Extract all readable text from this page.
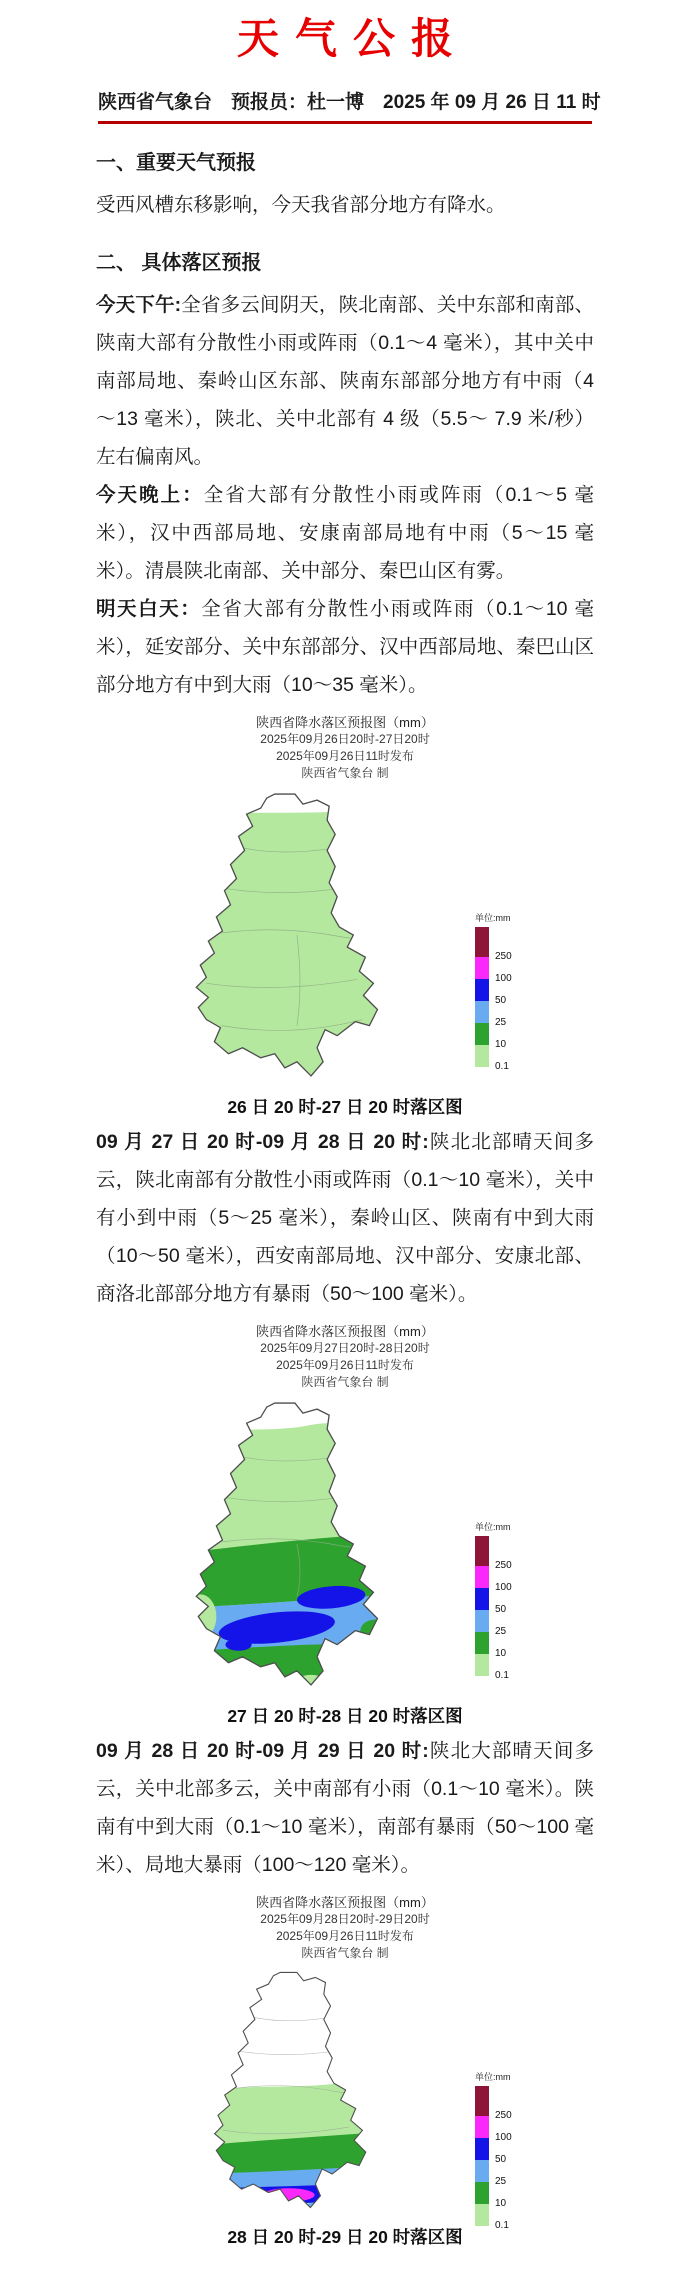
天气公报
陕西省气象台　预报员：杜一博　2025 年 09 月 26 日 11 时
一、重要天气预报

受西风槽东移影响，今天我省部分地方有降水。

二、 具体落区预报

今天下午:全省多云间阴天，陕北南部、关中东部和南部、陕南大部有分散性小雨或阵雨（0.1～4 毫米），其中关中南部局地、秦岭山区东部、陕南东部部分地方有中雨（4～13 毫米），陕北、关中北部有 4 级（5.5～ 7.9 米/秒）左右偏南风。

今天晚上：全省大部有分散性小雨或阵雨（0.1～5 毫米），汉中西部局地、安康南部局地有中雨（5～15 毫米）。清晨陕北南部、关中部分、秦巴山区有雾。

明天白天：全省大部有分散性小雨或阵雨（0.1～10 毫米），延安部分、关中东部部分、汉中西部局地、秦巴山区部分地方有中到大雨（10～35 毫米）。

陕西省降水落区预报图（mm）
2025年09月26日20时-27日20时
2025年09月26日11时发布
陕西省气象台 制
单位:mm
250
100
50
25
10
0.1
26 日 20 时-27 日 20 时落区图

09 月 27 日 20 时-09 月 28 日 20 时:陕北北部晴天间多云，陕北南部有分散性小雨或阵雨（0.1～10 毫米），关中有小到中雨（5～25 毫米），秦岭山区、陕南有中到大雨（10～50 毫米），西安南部局地、汉中部分、安康北部、商洛北部部分地方有暴雨（50～100 毫米）。

陕西省降水落区预报图（mm）
2025年09月27日20时-28日20时
2025年09月26日11时发布
陕西省气象台 制
单位:mm
250
100
50
25
10
0.1
27 日 20 时-28 日 20 时落区图

09 月 28 日 20 时-09 月 29 日 20 时:陕北大部晴天间多云，关中北部多云，关中南部有小雨（0.1～10 毫米）。陕南有中到大雨（0.1～10 毫米），南部有暴雨（50～100 毫米）、局地大暴雨（100～120 毫米）。

陕西省降水落区预报图（mm）
2025年09月28日20时-29日20时
2025年09月26日11时发布
陕西省气象台 制
单位:mm
250
100
50
25
10
0.1
28 日 20 时-29 日 20 时落区图
